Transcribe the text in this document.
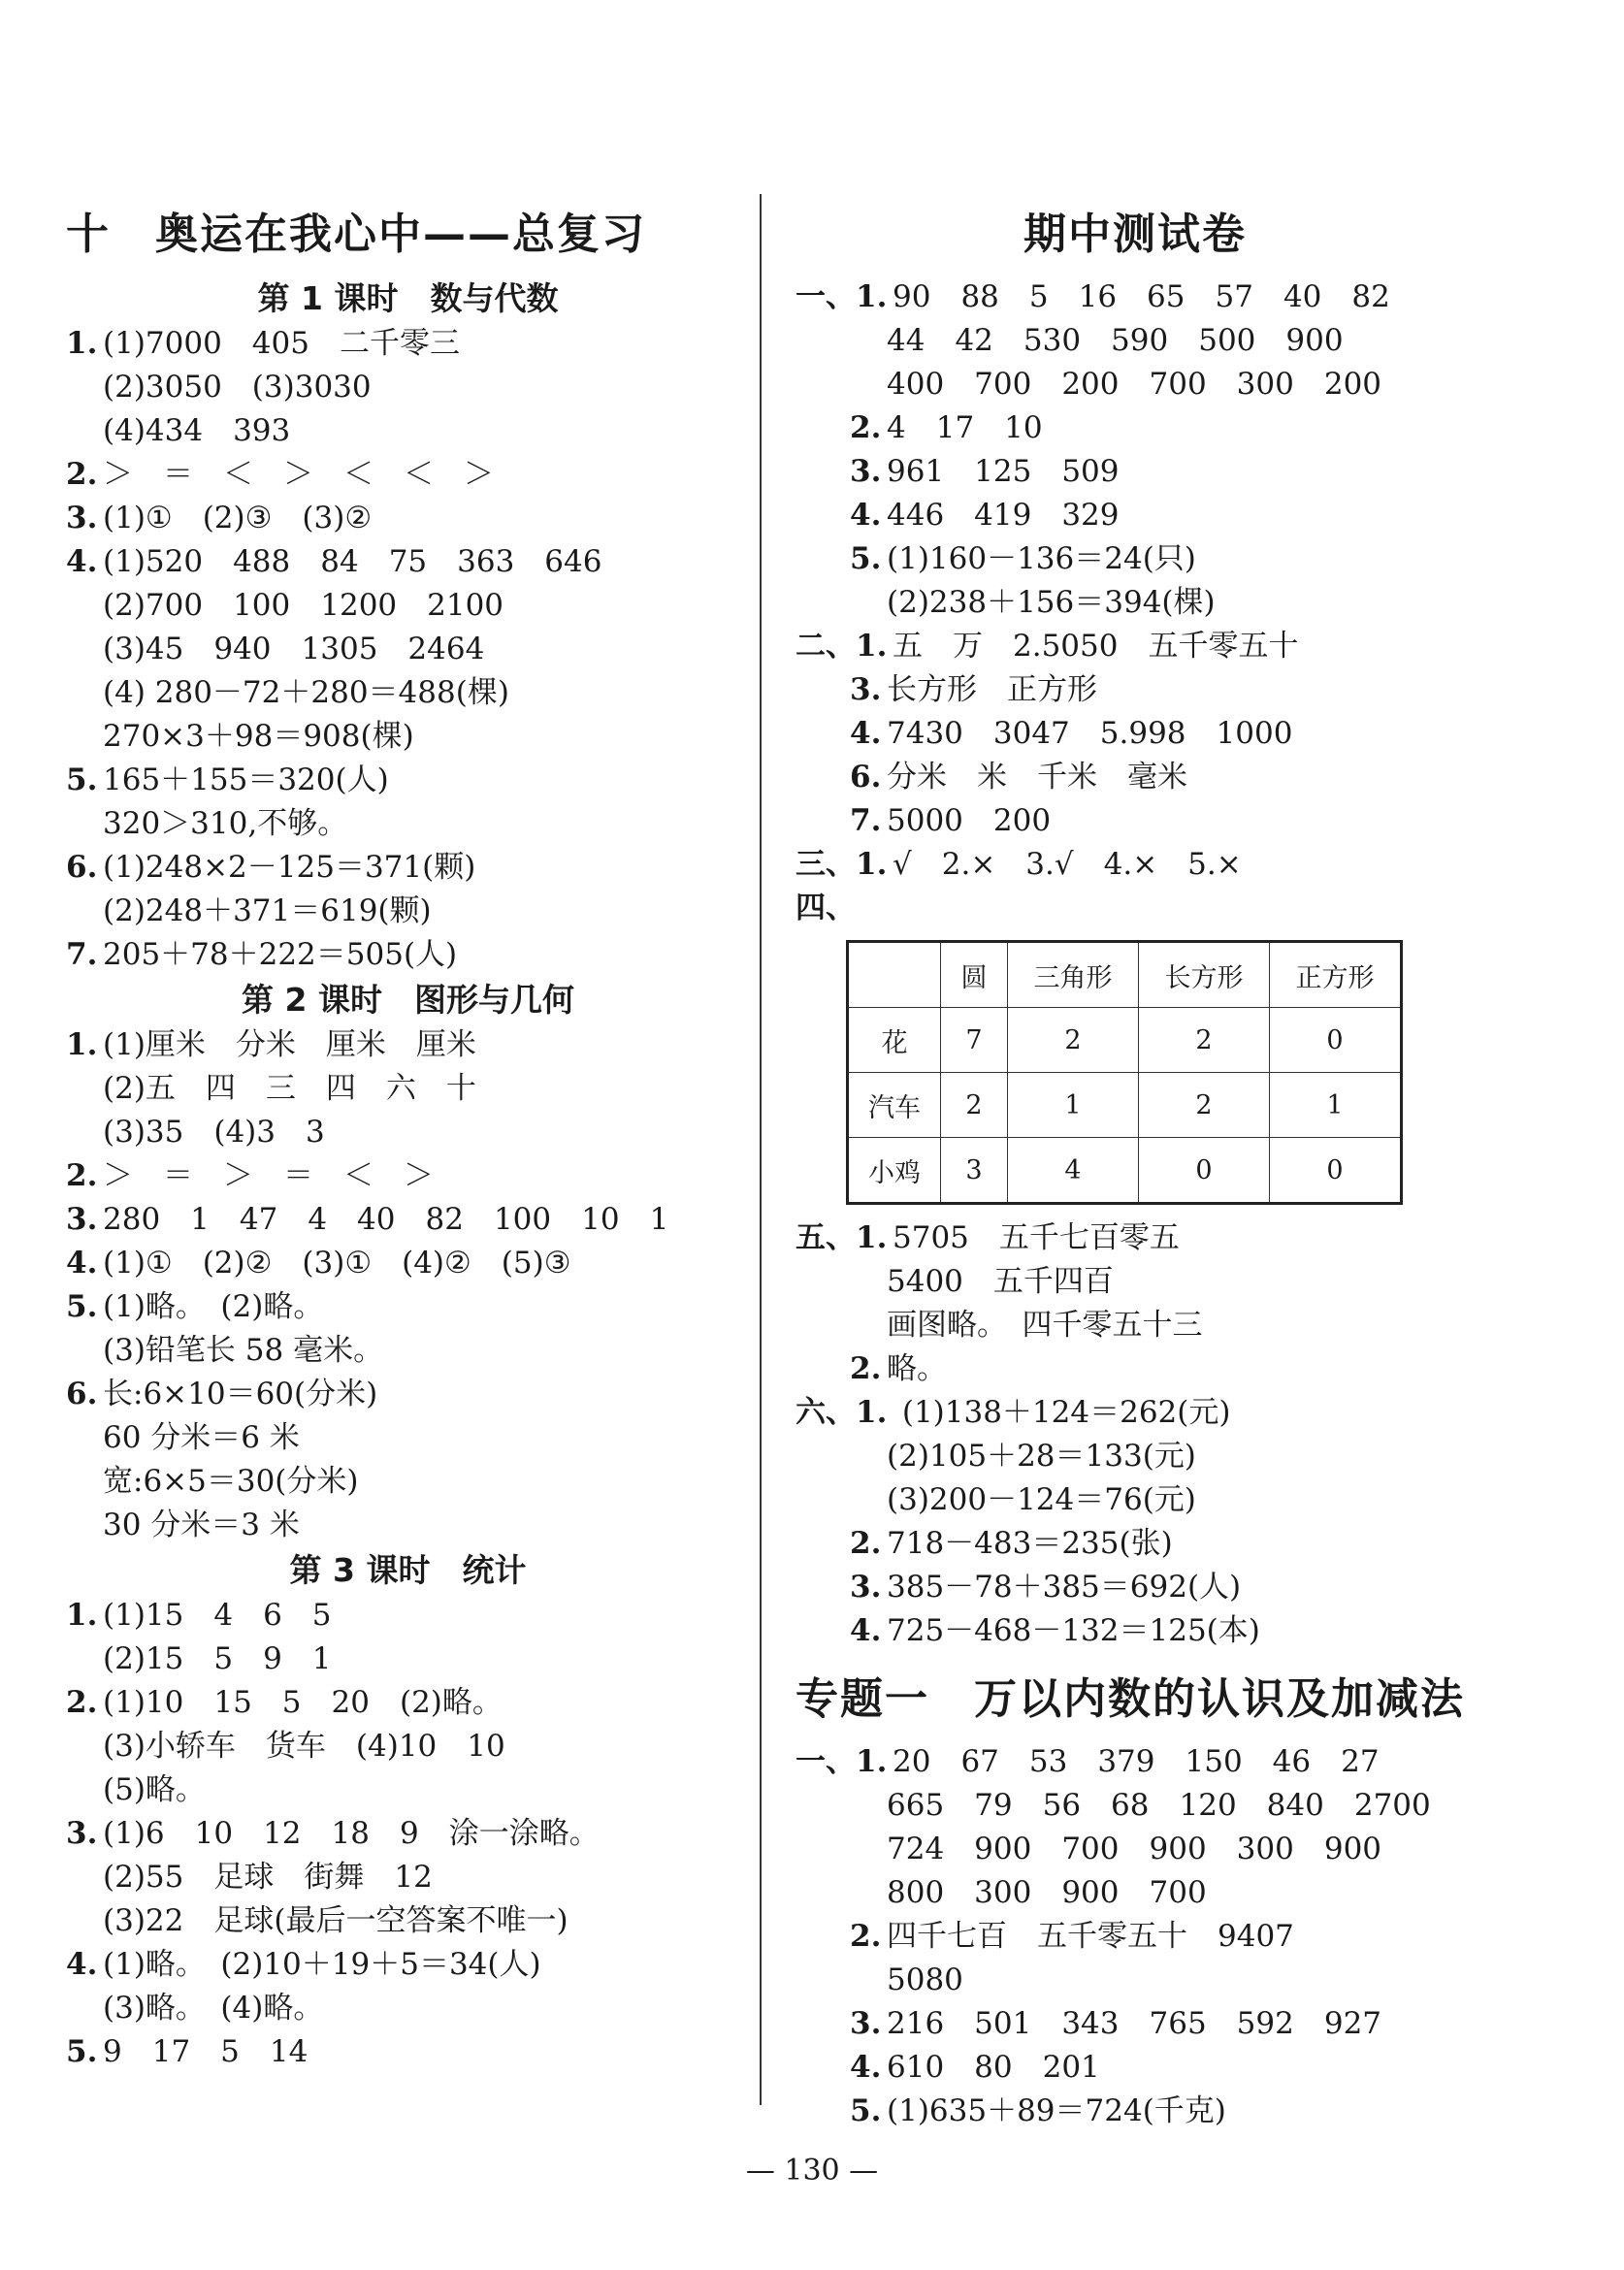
十　奥运在我心中——总复习
第 1 课时　数与代数
1. (1)7000　405　二千零三
(2)3050　(3)3030
(4)434　393
2. ＞　＝　＜　＞　＜　＜　＞
3. (1)①　(2)③　(3)②
4. (1)520　488　84　75　363　646
(2)700　100　1200　2100
(3)45　940　1305　2464
(4) 280－72＋280＝488(棵)
270×3＋98＝908(棵)
5. 165＋155＝320(人)
320＞310,不够。
6. (1)248×2－125＝371(颗)
(2)248＋371＝619(颗)
7. 205＋78＋222＝505(人)
第 2 课时　图形与几何
1. (1)厘米　分米　厘米　厘米
(2)五　四　三　四　六　十
(3)35　(4)3　3
2. ＞　＝　＞　＝　＜　＞
3. 280　1　47　4　40　82　100　10　1
4. (1)①　(2)②　(3)①　(4)②　(5)③
5. (1)略。　(2)略。
(3)铅笔长 58 毫米。
6. 长:6×10＝60(分米)
60 分米＝6 米
宽:6×5＝30(分米)
30 分米＝3 米
第 3 课时　统计
1. (1)15　4　6　5
(2)15　5　9　1
2. (1)10　15　5　20　(2)略。
(3)小轿车　货车　(4)10　10
(5)略。
3. (1)6　10　12　18　9　涂一涂略。
(2)55　足球　街舞　12
(3)22　足球(最后一空答案不唯一)
4. (1)略。　(2)10＋19＋5＝34(人)
(3)略。　(4)略。
5. 9　17　5　14
期中测试卷
一、1. 90　88　5　16　65　57　40　82
44　42　530　590　500　900
400　700　200　700　300　200
2. 4　17　10
3. 961　125　509
4. 446　419　329
5. (1)160－136＝24(只)
(2)238＋156＝394(棵)
二、1. 五　万　2.5050　五千零五十
3. 长方形　正方形
4. 7430　3047　5.998　1000
6. 分米　米　千米　毫米
7. 5000　200
三、1. √　2.×　3.√　4.×　5.×
四、
	圆	三角形	长方形	正方形
花	7	2	2	0
汽车	2	1	2	1
小鸡	3	4	0	0
五、1. 5705　五千七百零五
5400　五千四百
画图略。　四千零五十三
2. 略。
六、1. (1)138＋124＝262(元)
(2)105＋28＝133(元)
(3)200－124＝76(元)
2. 718－483＝235(张)
3. 385－78＋385＝692(人)
4. 725－468－132＝125(本)
专题一　万以内数的认识及加减法
一、1. 20　67　53　379　150　46　27
665　79　56　68　120　840　2700
724　900　700　900　300　900
800　300　900　700
2. 四千七百　五千零五十　9407
5080
3. 216　501　343　765　592　927
4. 610　80　201
5. (1)635＋89＝724(千克)
— 130 —
